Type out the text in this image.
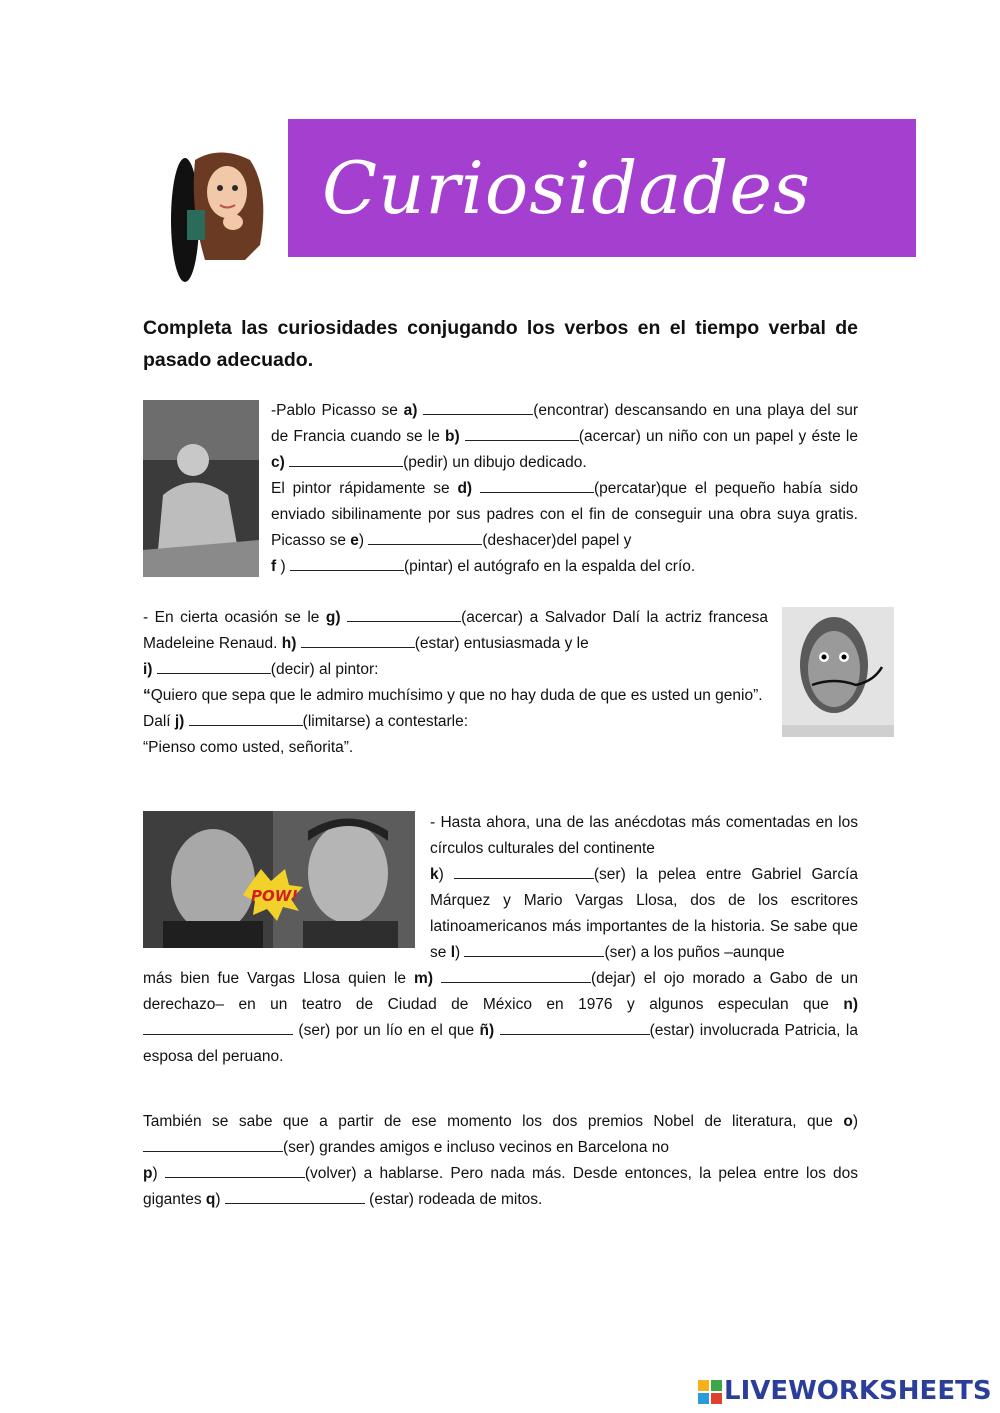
Curiosidades
Completa las curiosidades conjugando los verbos en el tiempo verbal de pasado adecuado.
-Pablo Picasso se a)	(encontrar) descansando en una playa del sur de Francia cuando se le b)	(acercar) un niño con un papel y éste le c)	(pedir) un dibujo dedicado.
El pintor rápidamente se d)	(percatar)que el pequeño había sido enviado sibilinamente por sus padres con el fin de conseguir una obra suya gratis. Picasso se e)	(deshacer)del papel y
f )	(pintar) el autógrafo en la espalda del crío.
- En cierta ocasión se le g)	(acercar) a Salvador Dalí la actriz francesa Madeleine Renaud. h)	(estar) entusiasmada y le
i)	(decir) al pintor:
“Quiero que sepa que le admiro muchísimo y que no hay duda de que es usted un genio”.
Dalí j)	(limitarse) a contestarle:
“Pienso como usted, señorita”.
POW!
- Hasta ahora, una de las anécdotas más comentadas en los círculos culturales del continente
k)	(ser) la pelea entre Gabriel García Márquez y Mario Vargas Llosa, dos de los escritores latinoamericanos más importantes de la historia. Se sabe que se l)	(ser) a los puños –aunque
más bien fue Vargas Llosa quien le m)	(dejar) el ojo morado a Gabo de un derechazo– en un teatro de Ciudad de México en 1976 y algunos especulan que n)  (ser) por un lío en el que ñ)	(estar) involucrada Patricia, la esposa del peruano.
También se sabe que a partir de ese momento los dos premios Nobel de literatura, que o) (ser) grandes amigos e incluso vecinos en Barcelona no
p)	(volver) a hablarse. Pero nada más. Desde entonces, la pelea entre los dos gigantes q)	(estar) rodeada de mitos.
LIVEWORKSHEETS
